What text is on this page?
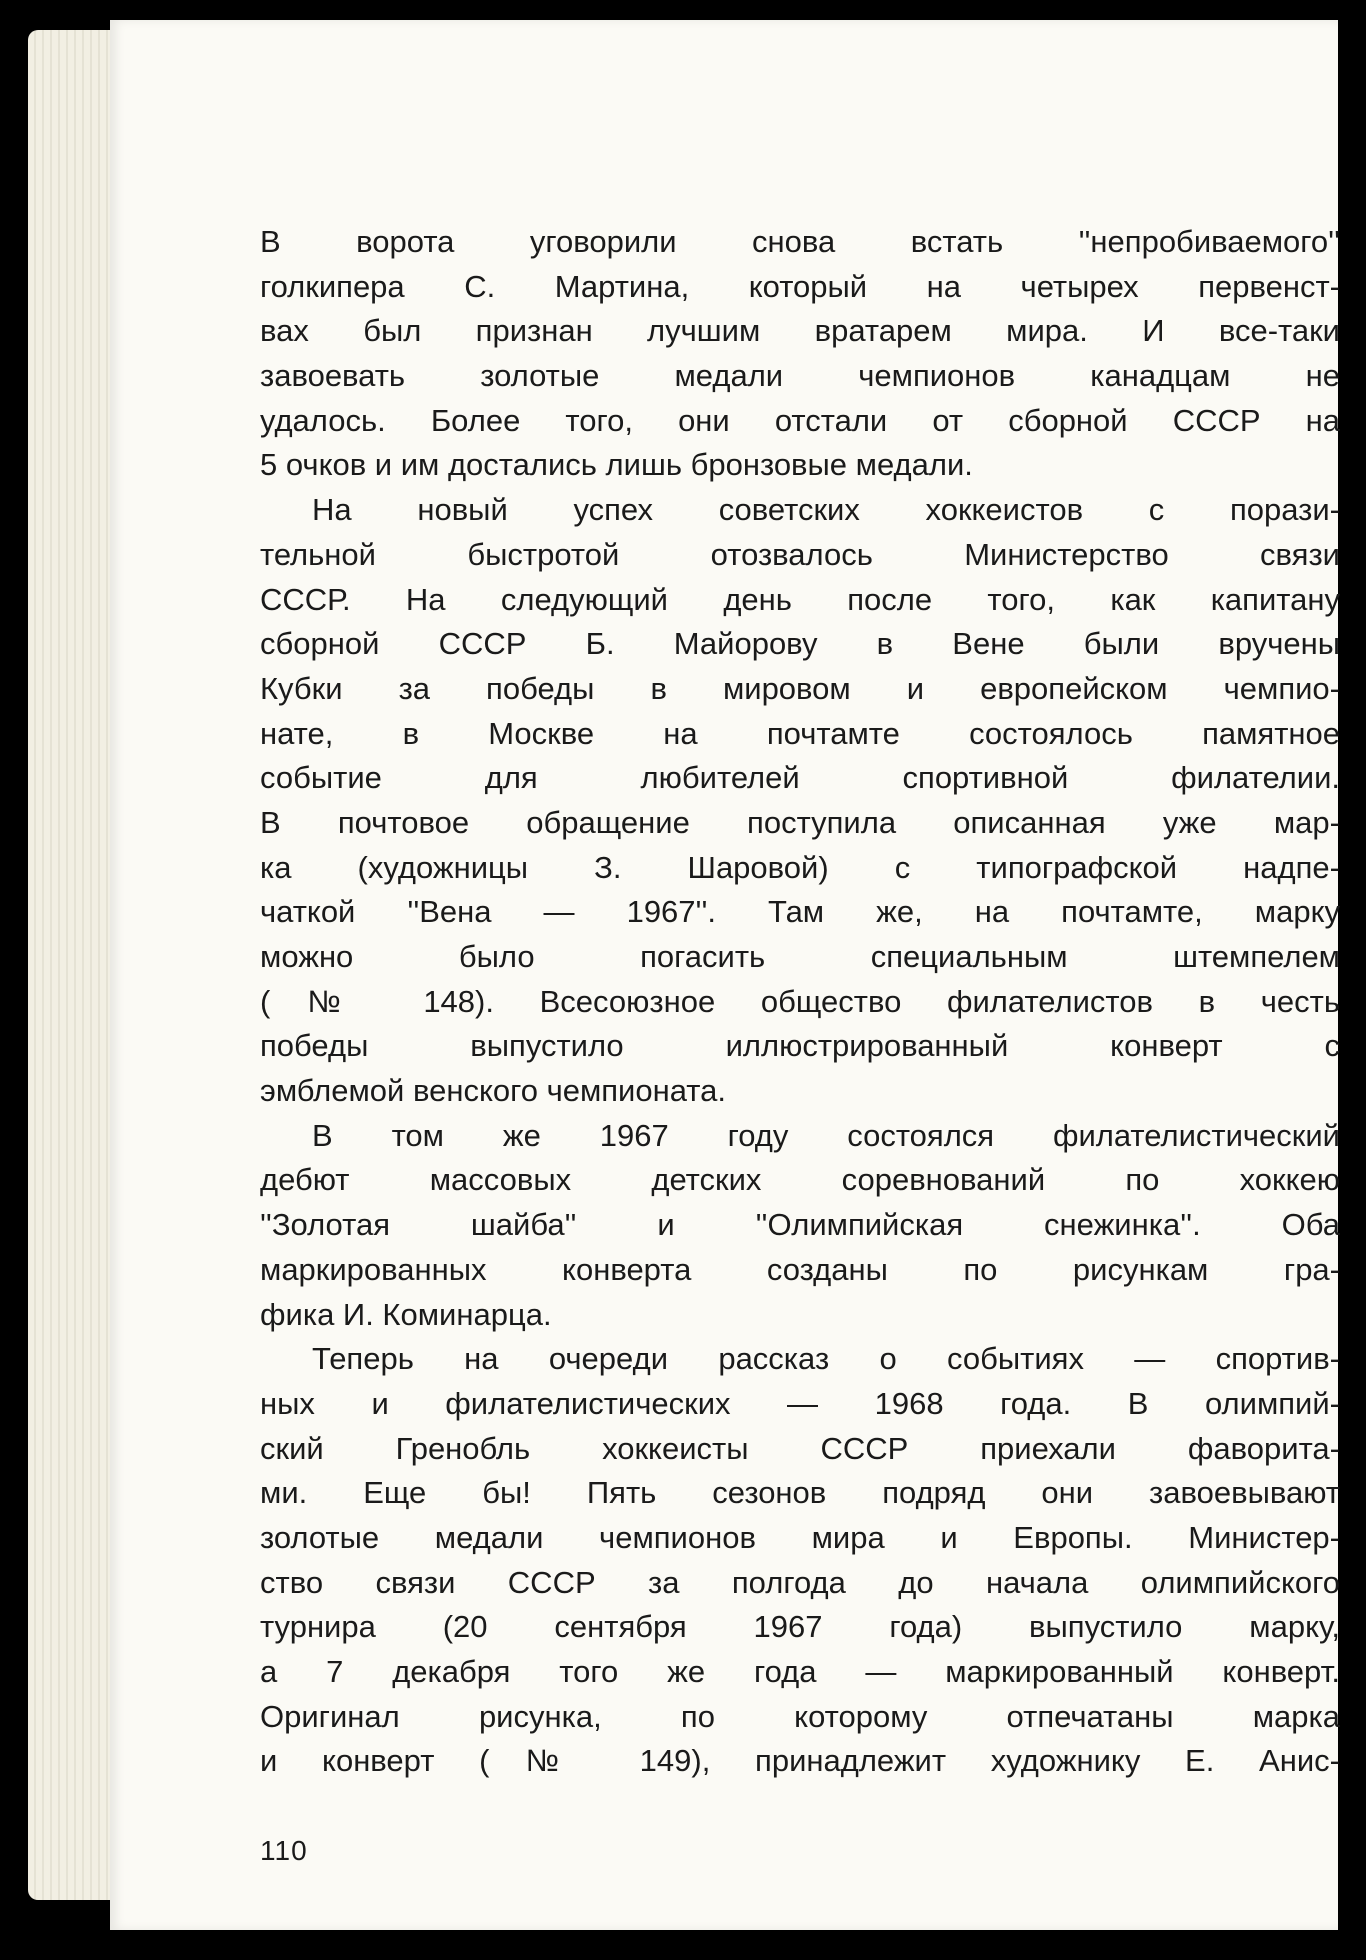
В ворота уговорили снова встать ''непробиваемого''
голкипера С. Мартина, который на четырех первенст-
вах был признан лучшим вратарем мира. И все-таки
завоевать золотые медали чемпионов канадцам не
удалось. Более того, они отстали от сборной СССР на
5 очков и им достались лишь бронзовые медали.
На новый успех советских хоккеистов с порази-
тельной быстротой отозвалось Министерство связи
СССР. На следующий день после того, как капитану
сборной СССР Б. Майорову в Вене были вручены
Кубки за победы в мировом и европейском чемпио-
нате, в Москве на почтамте состоялось памятное
событие для любителей спортивной филателии.
В почтовое обращение поступила описанная уже мар-
ка (художницы З. Шаровой) с типографской надпе-
чаткой ''Вена — 1967''. Там же, на почтамте, марку
можно было погасить специальным штемпелем
(№ 148). Всесоюзное общество филателистов в честь
победы выпустило иллюстрированный конверт с
эмблемой венского чемпионата.
В том же 1967 году состоялся филателистический
дебют массовых детских соревнований по хоккею
''Золотая шайба'' и ''Олимпийская снежинка''. Оба
маркированных конверта созданы по рисункам гра-
фика И. Коминарца.
Теперь на очереди рассказ о событиях — спортив-
ных и филателистических — 1968 года. В олимпий-
ский Гренобль хоккеисты СССР приехали фаворита-
ми. Еще бы! Пять сезонов подряд они завоевывают
золотые медали чемпионов мира и Европы. Министер-
ство связи СССР за полгода до начала олимпийского
турнира (20 сентября 1967 года) выпустило марку,
а 7 декабря того же года — маркированный конверт.
Оригинал рисунка, по которому отпечатаны марка
и конверт (№ 149), принадлежит художнику Е. Анис-
110
